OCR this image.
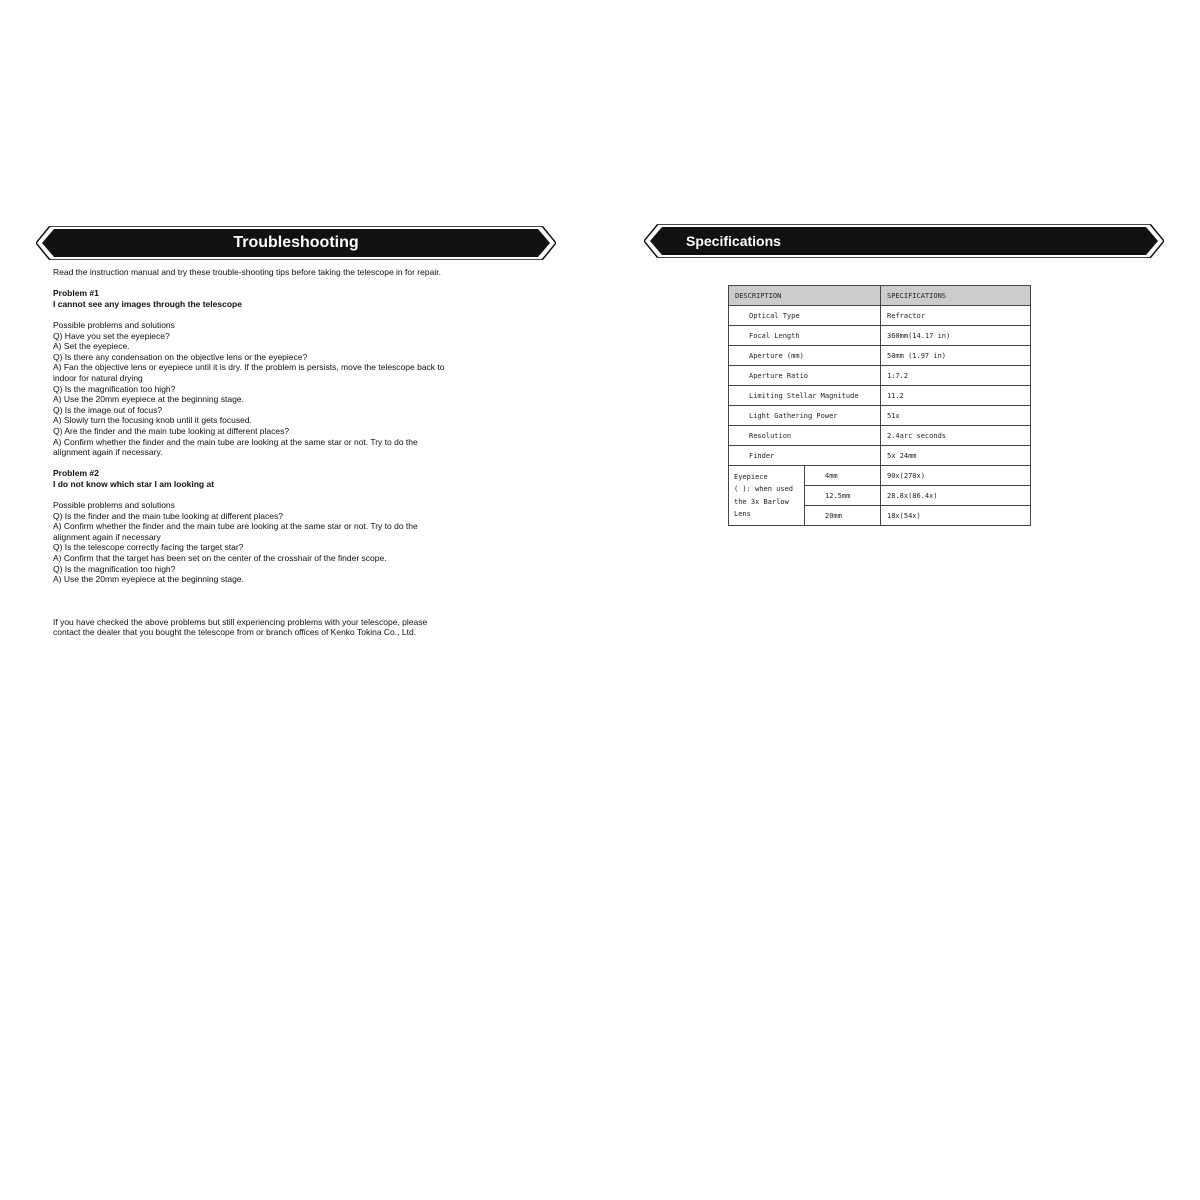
Troubleshooting	Specifications

Read the instruction manual and try these trouble-shooting tips before taking the telescope in for repair.

Problem #1

I cannot see any images through the telescope

Possible problems and solutions

Q) Have you set the eyepiece?

A) Set the eyepiece.

Q) Is there any condensation on the objective lens or the eyepiece?

A) Fan the objective lens or eyepiece until it is dry. If the problem is persists, move the telescope back to

indoor for natural drying

Q) Is the magnification too high?

A) Use the 20mm eyepiece at the beginning stage.

Q) Is the image out of focus?

A) Slowly turn the focusing knob until it gets focused.

Q) Are the finder and the main tube looking at different places?

A) Confirm whether the finder and the main tube are looking at the same star or not. Try to do the

alignment again if necessary.

Problem #2

I do not know which star I am looking at

Possible problems and solutions

Q) Is the finder and the main tube looking at different places?

A) Confirm whether the finder and the main tube are looking at the same star or not. Try to do the

alignment again if necessary

Q) Is the telescope correctly facing the target star?

A) Confirm that the target has been set on the center of the crosshair of the finder scope.

Q) Is the magnification too high?

A) Use the 20mm eyepiece at the beginning stage.

If you have checked the above problems but still experiencing problems with your telescope, please

contact the dealer that you bought the telescope from or branch offices of Kenko Tokina Co., Ltd.

DESCRIPTION		SPECIFICATIONS
Optical Type		Refractor
Focal Length		360mm(14.17 in)
Aperture (mm)		50mm (1.97 in)
Aperture Ratio		1:7.2
Limiting Stellar Magnitude		11.2
Light Gathering Power		51x
Resolution		2.4arc seconds
Finder		5x 24mm

Eyepiece
( ): when used
the 3x Barlow
Lens	4mm	90x(270x)
	12.5mm	28.8x(86.4x)
	20mm	18x(54x)
